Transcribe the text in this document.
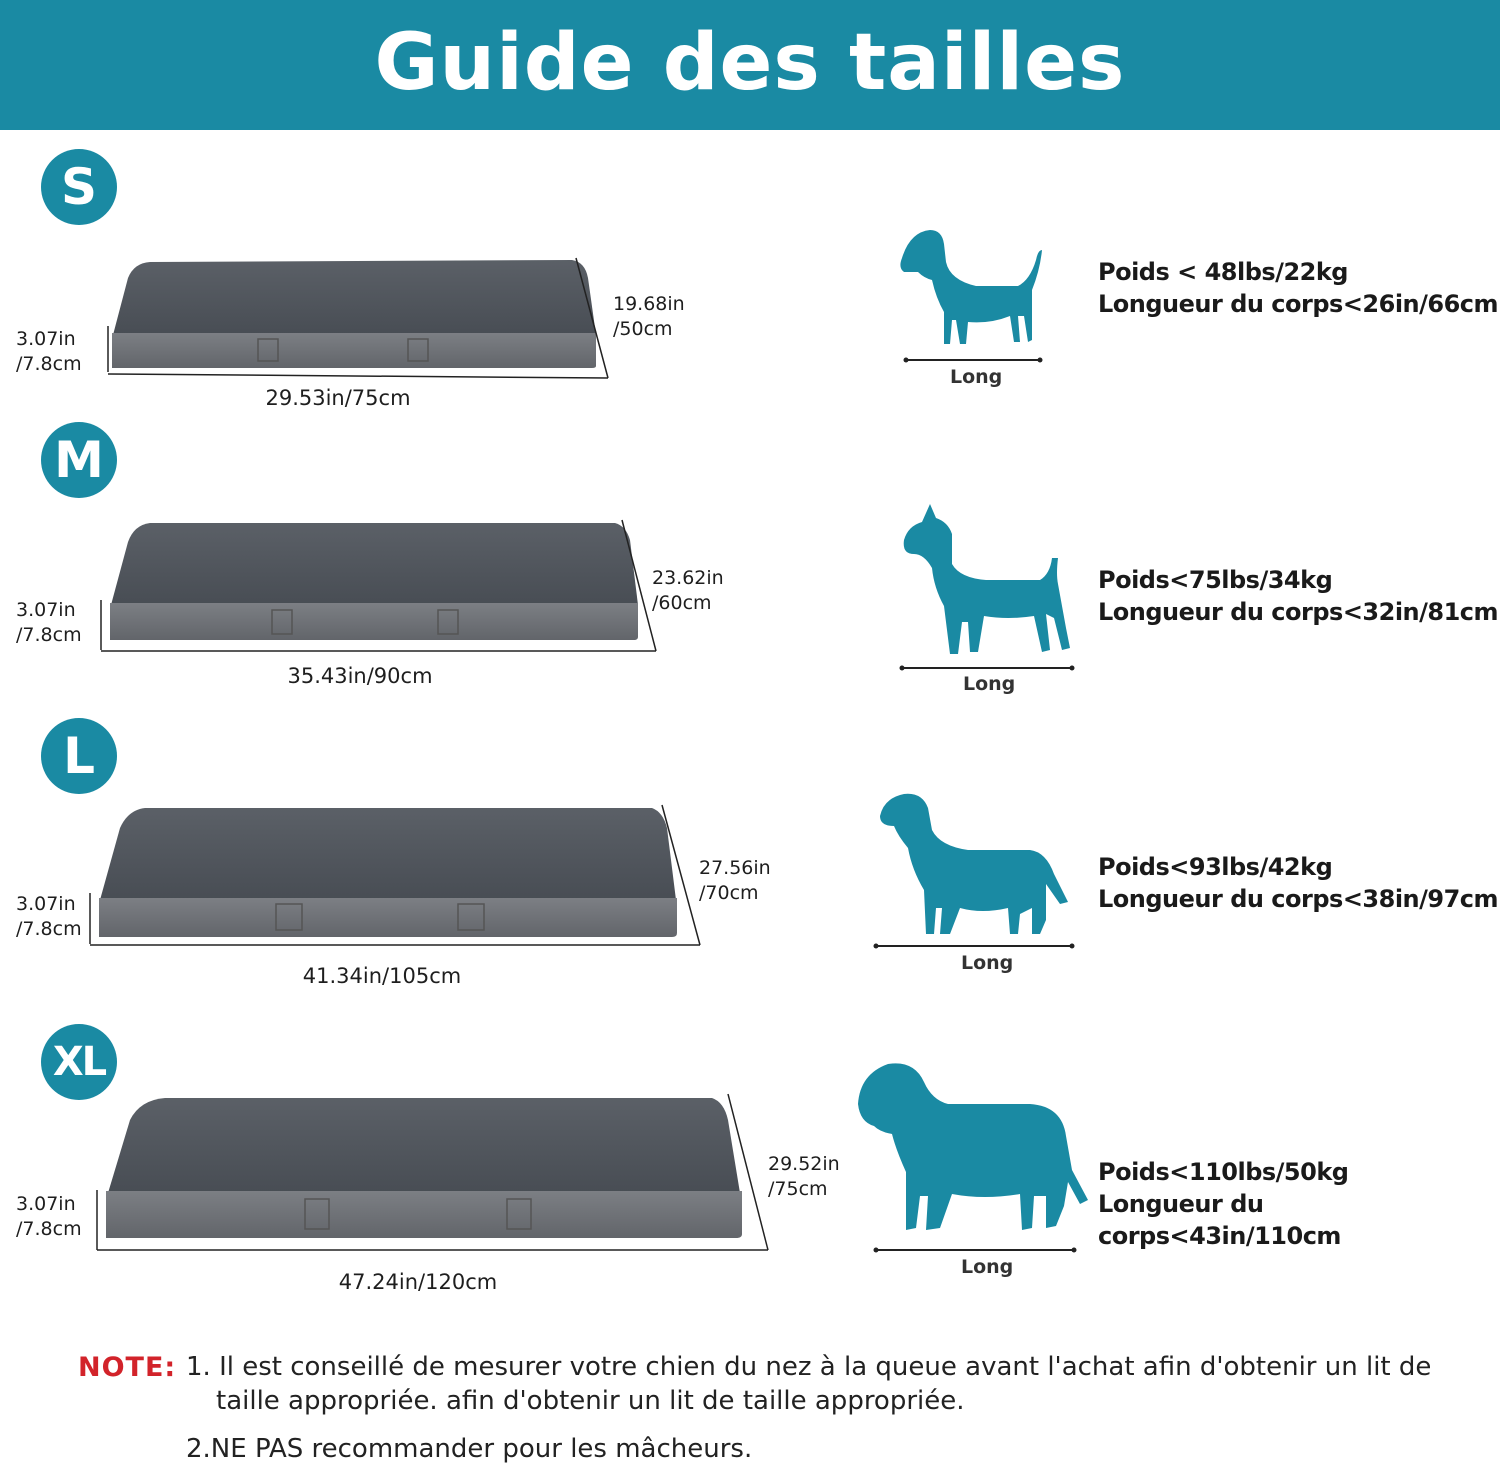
Guide des tailles
S
M
L
XL
3.07in
/7.8cm
19.68in
/50cm
29.53in/75cm
3.07in
/7.8cm
23.62in
/60cm
35.43in/90cm
3.07in
/7.8cm
27.56in
/70cm
41.34in/105cm
3.07in
/7.8cm
29.52in
/75cm
47.24in/120cm
Long
Long
Long
Long
Poids < 48lbs/22kg
Longueur du corps<26in/66cm
Poids<75lbs/34kg
Longueur du corps<32in/81cm
Poids<93lbs/42kg
Longueur du corps<38in/97cm
Poids<110lbs/50kg
Longueur du corps<43in/110cm
NOTE: 1. Il est conseillé de mesurer votre chien du nez à la queue avant l'achat afin d'obtenir un lit de
taille appropriée. afin d'obtenir un lit de taille appropriée.
2.NE PAS recommander pour les mâcheurs.
